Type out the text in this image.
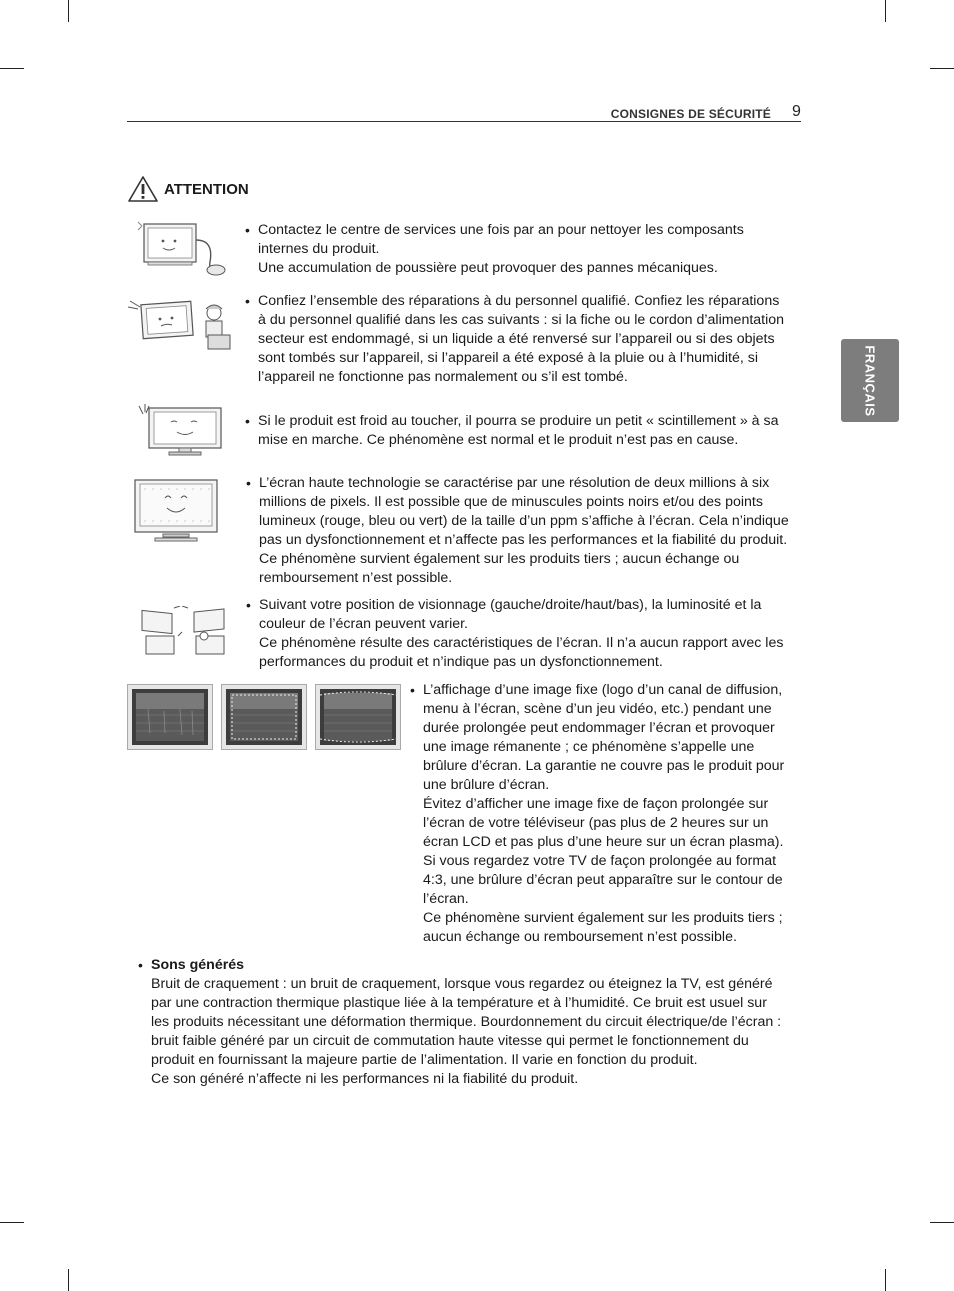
CONSIGNES DE SÉCURITÉ 9
FRANÇAIS
ATTENTION
• Contactez le centre de services une fois par an pour nettoyer les composants

internes du produit.

Une accumulation de poussière peut provoquer des pannes mécaniques.

• Confiez l’ensemble des réparations à du personnel qualifié. Confiez les réparations

à du personnel qualifié dans les cas suivants : si la fiche ou le cordon d’alimentation

secteur est endommagé, si un liquide a été renversé sur l’appareil ou si des objets

sont tombés sur l’appareil, si l’appareil a été exposé à la pluie ou à l’humidité, si

l’appareil ne fonctionne pas normalement ou s’il est tombé.

• Si le produit est froid au toucher, il pourra se produire un petit « scintillement » à sa

mise en marche. Ce phénomène est normal et le produit n’est pas en cause.

• L’écran haute technologie se caractérise par une résolution de deux millions à six

millions de pixels. Il est possible que de minuscules points noirs et/ou des points

lumineux (rouge, bleu ou vert) de la taille d’un ppm s’affiche à l’écran. Cela n’indique

pas un dysfonctionnement et n’affecte pas les performances et la fiabilité du produit.

Ce phénomène survient également sur les produits tiers ; aucun échange ou

remboursement n’est possible.

• Suivant votre position de visionnage (gauche/droite/haut/bas), la luminosité et la

couleur de l’écran peuvent varier.

Ce phénomène résulte des caractéristiques de l’écran. Il n’a aucun rapport avec les

performances du produit et n’indique pas un dysfonctionnement.

• L’affichage d’une image fixe (logo d’un canal de diffusion,

menu à l’écran, scène d’un jeu vidéo, etc.) pendant une

durée prolongée peut endommager l’écran et provoquer

une image rémanente ; ce phénomène s’appelle une

brûlure d’écran. La garantie ne couvre pas le produit pour

une brûlure d’écran.

Évitez d’afficher une image fixe de façon prolongée sur

l’écran de votre téléviseur (pas plus de 2 heures sur un

écran LCD et pas plus d’une heure sur un écran plasma).

Si vous regardez votre TV de façon prolongée au format

4:3, une brûlure d’écran peut apparaître sur le contour de

l’écran.

Ce phénomène survient également sur les produits tiers ;

aucun échange ou remboursement n’est possible.

• Sons générés

Bruit de craquement : un bruit de craquement, lorsque vous regardez ou éteignez la TV, est généré

par une contraction thermique plastique liée à la température et à l’humidité. Ce bruit est usuel sur

les produits nécessitant une déformation thermique. Bourdonnement du circuit électrique/de l’écran :

bruit faible généré par un circuit de commutation haute vitesse qui permet le fonctionnement du

produit en fournissant la majeure partie de l’alimentation. Il varie en fonction du produit.

Ce son généré n’affecte ni les performances ni la fiabilité du produit.
